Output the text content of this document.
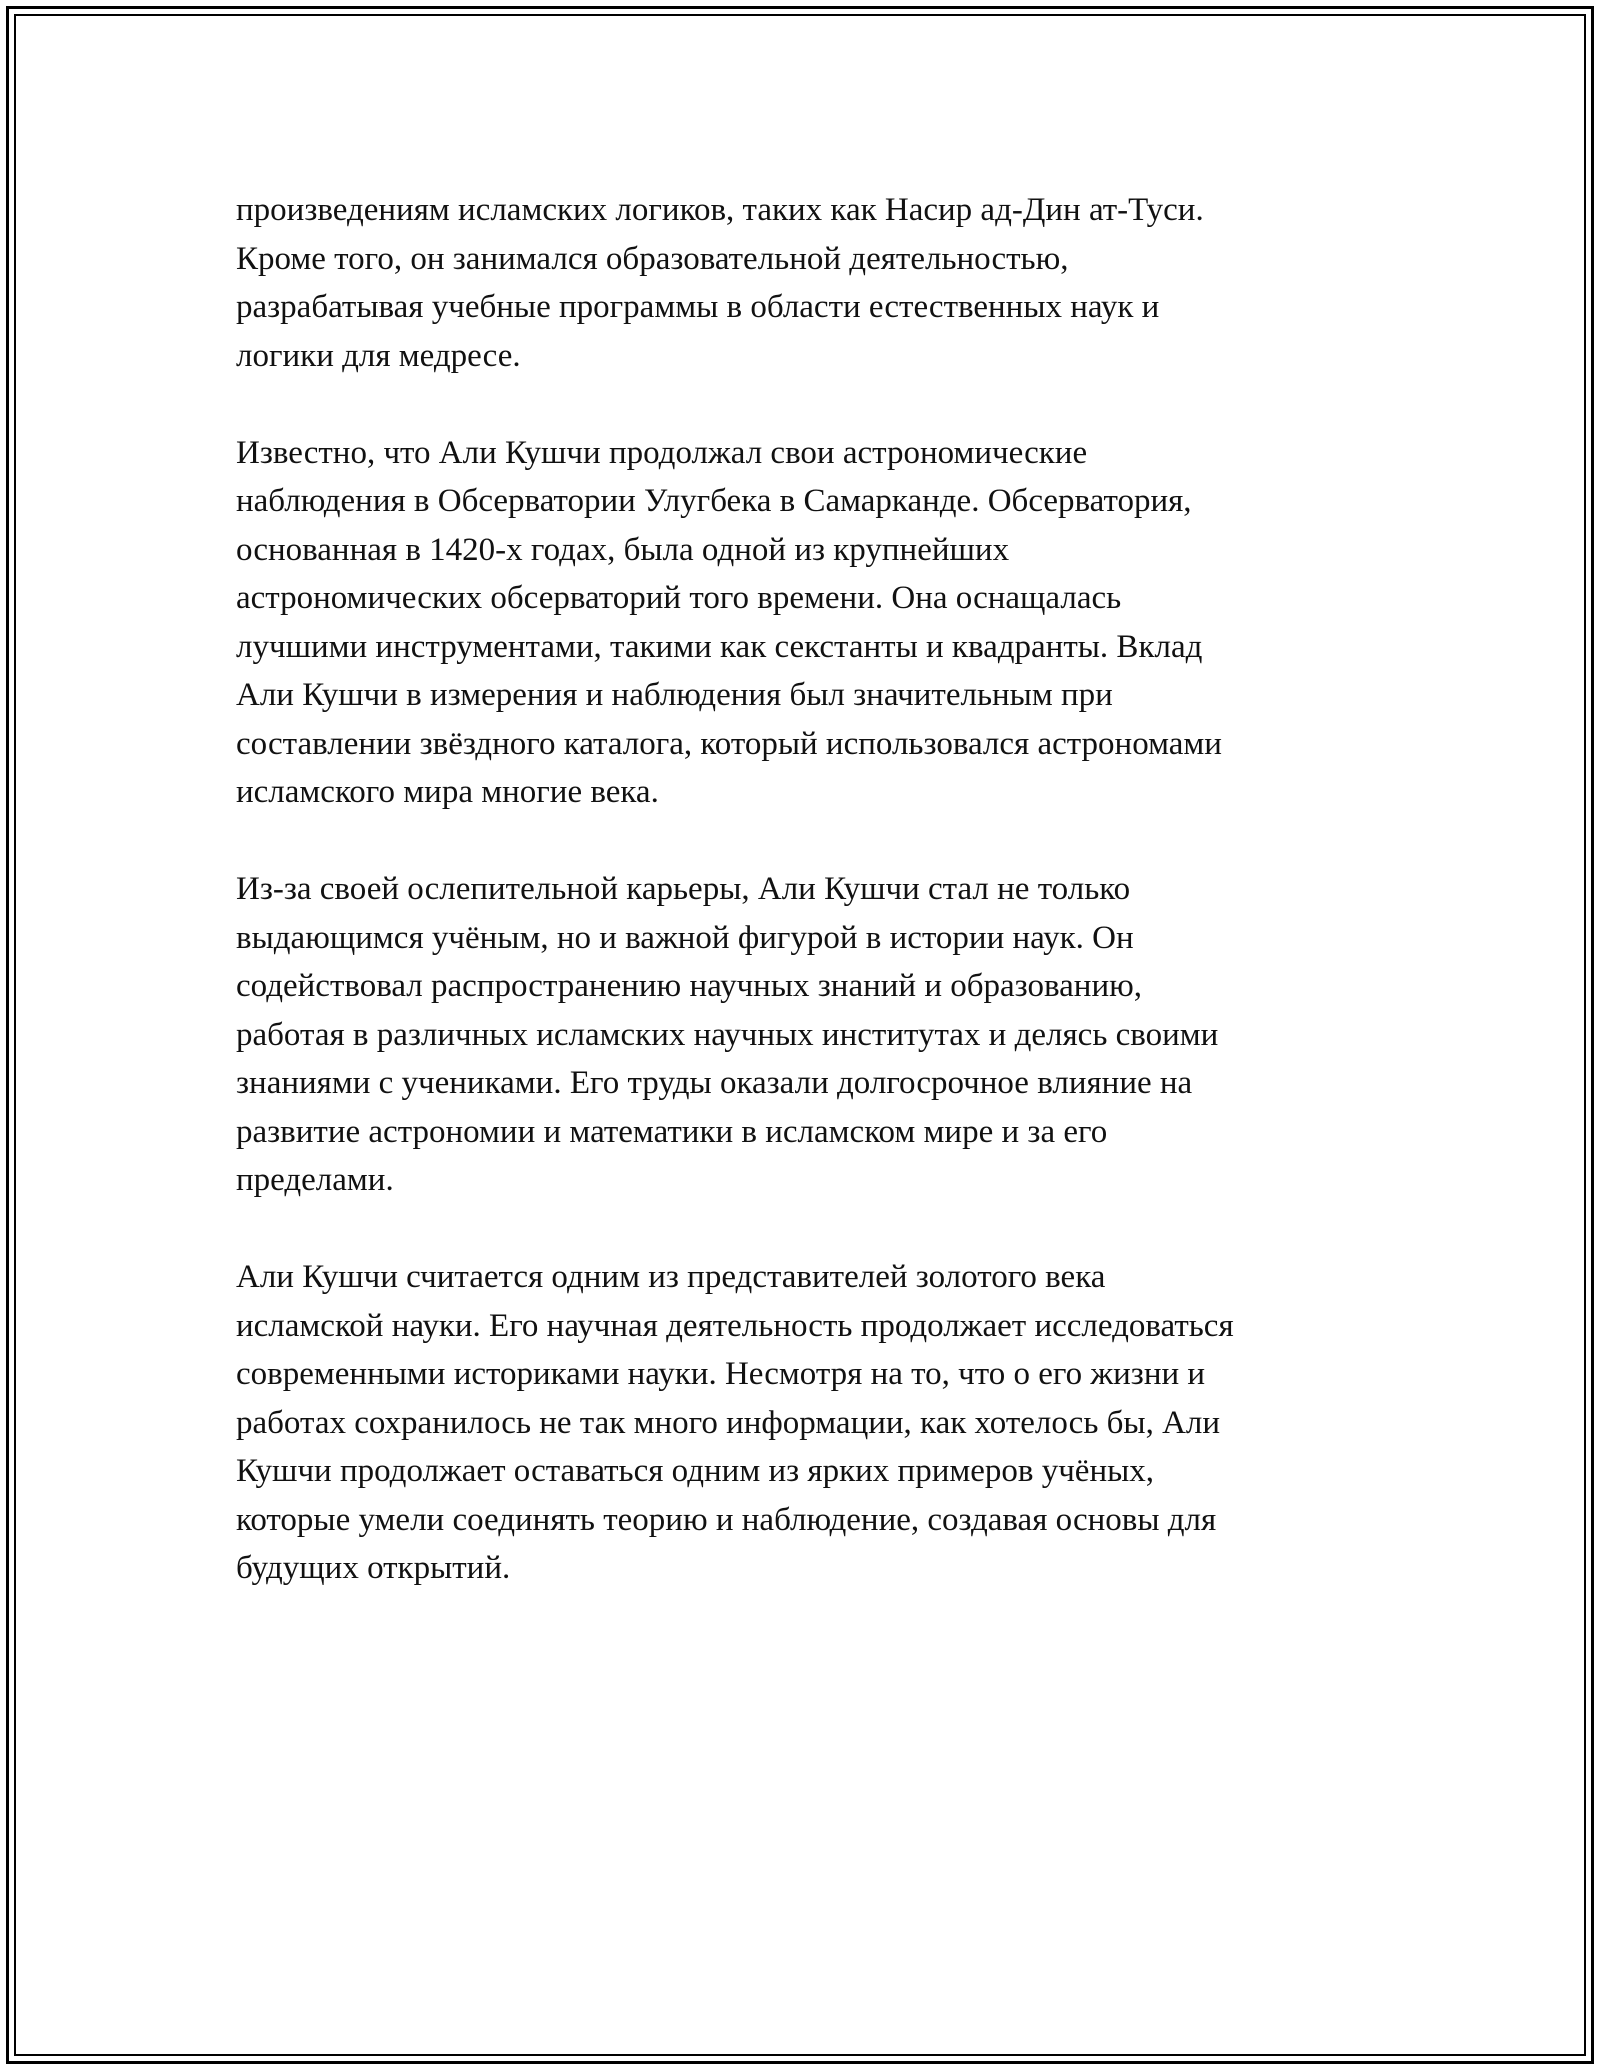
произведениям исламских логиков, таких как Насир ад-Дин ат-Туси.
Кроме того, он занимался образовательной деятельностью,
разрабатывая учебные программы в области естественных наук и
логики для медресе.

Известно, что Али Кушчи продолжал свои астрономические
наблюдения в Обсерватории Улугбека в Самарканде. Обсерватория,
основанная в 1420-х годах, была одной из крупнейших
астрономических обсерваторий того времени. Она оснащалась
лучшими инструментами, такими как секстанты и квадранты. Вклад
Али Кушчи в измерения и наблюдения был значительным при
составлении звёздного каталога, который использовался астрономами
исламского мира многие века.

Из-за своей ослепительной карьеры, Али Кушчи стал не только
выдающимся учёным, но и важной фигурой в истории наук. Он
содействовал распространению научных знаний и образованию,
работая в различных исламских научных институтах и делясь своими
знаниями с учениками. Его труды оказали долгосрочное влияние на
развитие астрономии и математики в исламском мире и за его
пределами.

Али Кушчи считается одним из представителей золотого века
исламской науки. Его научная деятельность продолжает исследоваться
современными историками науки. Несмотря на то, что о его жизни и
работах сохранилось не так много информации, как хотелось бы, Али
Кушчи продолжает оставаться одним из ярких примеров учёных,
которые умели соединять теорию и наблюдение, создавая основы для
будущих открытий.
